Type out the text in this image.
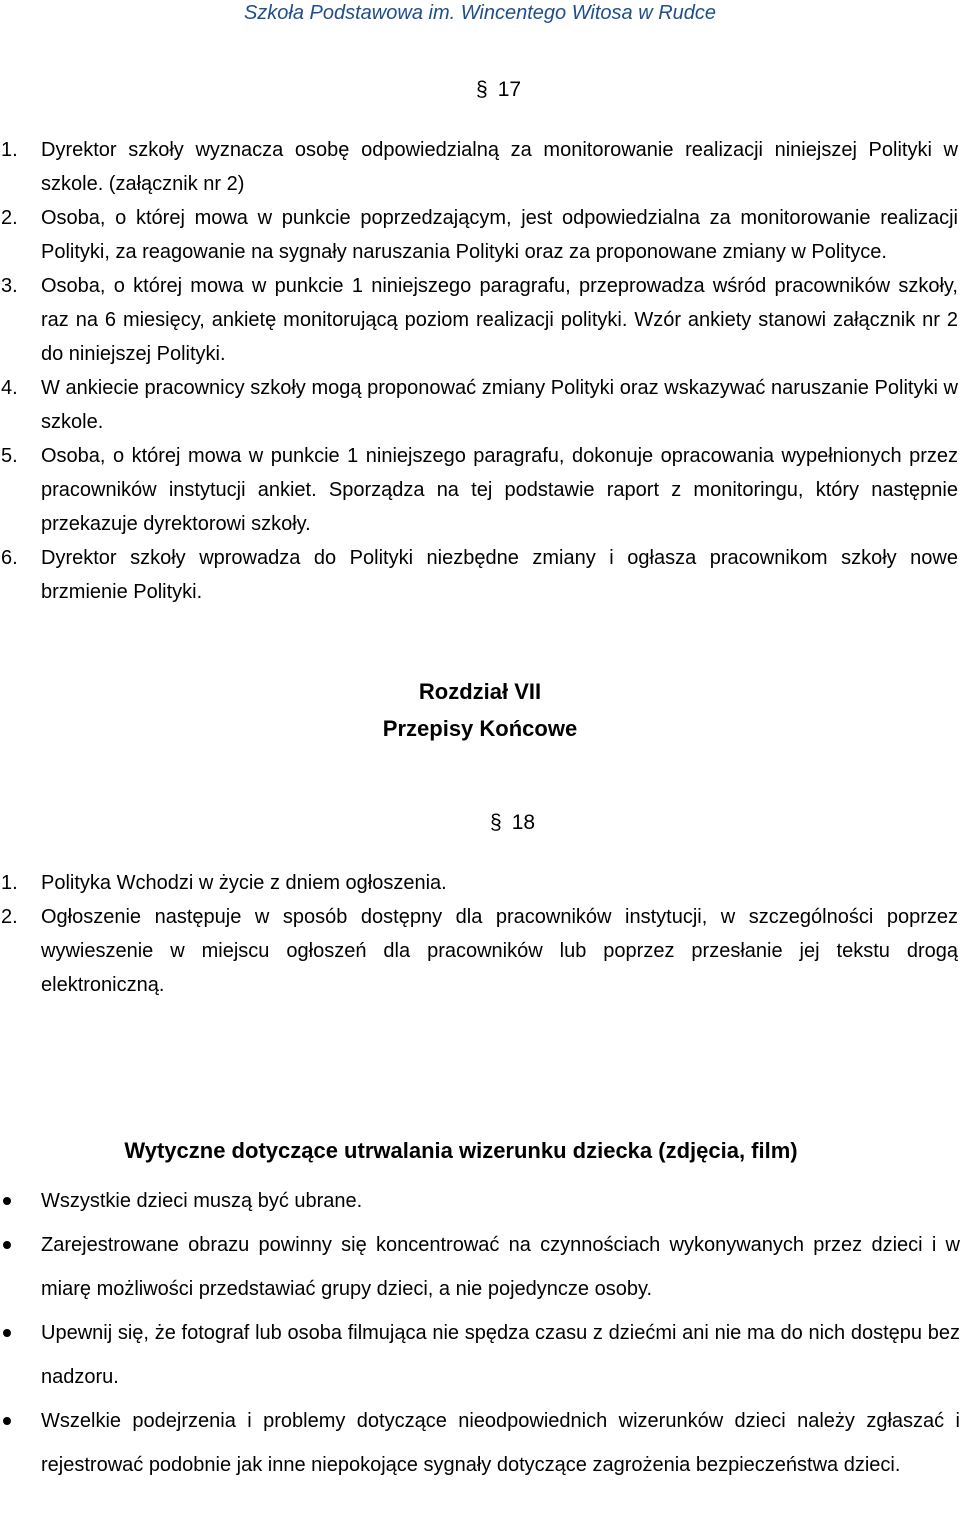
Szkoła Podstawowa im. Wincentego Witosa w Rudce
§ 17
1. Dyrektor szkoły wyznacza osobę odpowiedzialną za monitorowanie realizacji niniejszej Polityki w szkole. (załącznik nr 2)
2. Osoba, o której mowa w punkcie poprzedzającym, jest odpowiedzialna za monitorowanie realizacji Polityki, za reagowanie na sygnały naruszania Polityki oraz za proponowane zmiany w Polityce.
3. Osoba, o której mowa w punkcie 1 niniejszego paragrafu, przeprowadza wśród pracowników szkoły, raz na 6 miesięcy, ankietę monitorującą poziom realizacji polityki. Wzór ankiety stanowi załącznik nr 2 do niniejszej Polityki.
4. W ankiecie pracownicy szkoły mogą proponować zmiany Polityki oraz wskazywać naruszanie Polityki w szkole.
5. Osoba, o której mowa w punkcie 1 niniejszego paragrafu, dokonuje opracowania wypełnionych przez pracowników instytucji ankiet. Sporządza na tej podstawie raport z monitoringu, który następnie przekazuje dyrektorowi szkoły.
6. Dyrektor szkoły wprowadza do Polityki niezbędne zmiany i ogłasza pracownikom szkoły nowe brzmienie Polityki.
Rozdział VII
Przepisy Końcowe
§ 18
1. Polityka Wchodzi w życie z dniem ogłoszenia.
2. Ogłoszenie następuje w sposób dostępny dla pracowników instytucji, w szczególności poprzez wywieszenie w miejscu ogłoszeń dla pracowników lub poprzez przesłanie jej tekstu drogą elektroniczną.
Wytyczne dotyczące utrwalania wizerunku dziecka (zdjęcia, film)
Wszystkie dzieci muszą być ubrane.
Zarejestrowane obrazu powinny się koncentrować na czynnościach wykonywanych przez dzieci i w miarę możliwości przedstawiać grupy dzieci, a nie pojedyncze osoby.
Upewnij się, że fotograf lub osoba filmująca nie spędza czasu z dziećmi ani nie ma do nich dostępu bez nadzoru.
Wszelkie podejrzenia i problemy dotyczące nieodpowiednich wizerunków dzieci należy zgłaszać i rejestrować podobnie jak inne niepokojące sygnały dotyczące zagrożenia bezpieczeństwa dzieci.
